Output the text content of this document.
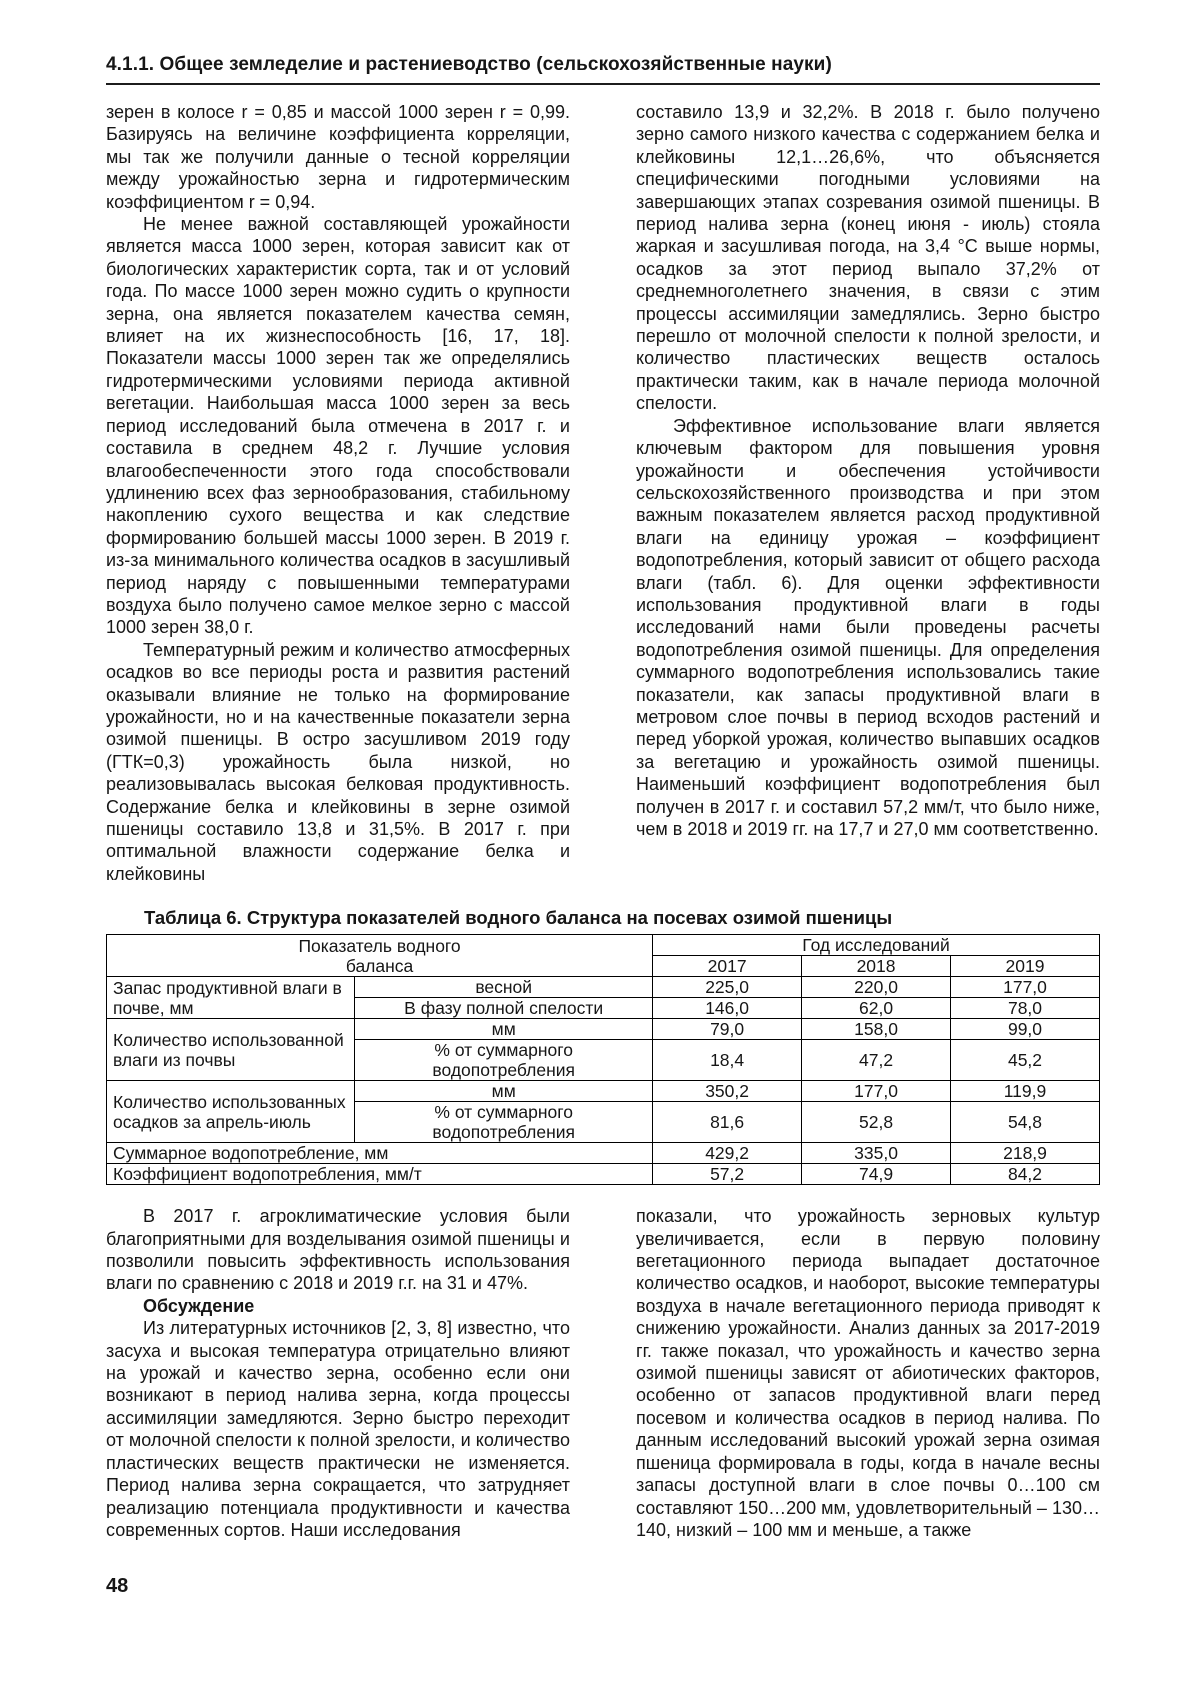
4.1.1. Общее земледелие и растениеводство (сельскохозяйственные науки)

зерен в колосе r = 0,85 и массой 1000 зерен r = 0,99. Базируясь на величине коэффициента корреляции, мы так же получили данные о тесной корреляции между урожайностью зерна и гидротермическим коэффициентом r = 0,94.

Не менее важной составляющей урожайности является масса 1000 зерен, которая зависит как от биологических характеристик сорта, так и от условий года. По массе 1000 зерен можно судить о крупности зерна, она является показателем качества семян, влияет на их жизнеспособность [16, 17, 18]. Показатели массы 1000 зерен так же определялись гидротермическими условиями периода активной вегетации. Наибольшая масса 1000 зерен за весь период исследований была отмечена в 2017 г. и составила в среднем 48,2 г. Лучшие условия влагообеспеченности этого года способствовали удлинению всех фаз зернообразования, стабильному накоплению сухого вещества и как следствие формированию большей массы 1000 зерен. В 2019 г. из-за минимального количества осадков в засушливый период наряду с повышенными температурами воздуха было получено самое мелкое зерно с массой 1000 зерен 38,0 г.

Температурный режим и количество атмосферных осадков во все периоды роста и развития растений оказывали влияние не только на формирование урожайности, но и на качественные показатели зерна озимой пшеницы. В остро засушливом 2019 году (ГТК=0,3) урожайность была низкой, но реализовывалась высокая белковая продуктивность. Содержание белка и клейковины в зерне озимой пшеницы составило 13,8 и 31,5%. В 2017 г. при оптимальной влажности содержание белка и клейковины

составило 13,9 и 32,2%. В 2018 г. было получено зерно самого низкого качества с содержанием белка и клейковины 12,1…26,6%, что объясняется специфическими погодными условиями на завершающих этапах созревания озимой пшеницы. В период налива зерна (конец июня - июль) стояла жаркая и засушливая погода, на 3,4 °С выше нормы, осадков за этот период выпало 37,2% от среднемноголетнего значения, в связи с этим процессы ассимиляции замедлялись. Зерно быстро перешло от молочной спелости к полной зрелости, и количество пластических веществ осталось практически таким, как в начале периода молочной спелости.

Эффективное использование влаги является ключевым фактором для повышения уровня урожайности и обеспечения устойчивости сельскохозяйственного производства и при этом важным показателем является расход продуктивной влаги на единицу урожая – коэффициент водопотребления, который зависит от общего расхода влаги (табл. 6). Для оценки эффективности использования продуктивной влаги в годы исследований нами были проведены расчеты водопотребления озимой пшеницы. Для определения суммарного водопотребления использовались такие показатели, как запасы продуктивной влаги в метровом слое почвы в период всходов растений и перед уборкой урожая, количество выпавших осадков за вегетацию и урожайность озимой пшеницы. Наименьший коэффициент водопотребления был получен в 2017 г. и составил 57,2 мм/т, что было ниже, чем в 2018 и 2019 гг. на 17,7 и 27,0 мм соответственно.

Таблица 6. Структура показателей водного баланса на посевах озимой пшеницы
Показатель водного баланса		Год исследований		
		2017	2018	2019
Запас продуктивной влаги в почве, мм	весной	225,0	220,0	177,0
	В фазу полной спелости	146,0	62,0	78,0
Количество использованной влаги из почвы	мм	79,0	158,0	99,0
	% от суммарного водопотребления	18,4	47,2	45,2
Количество использованных осадков за апрель-июль	мм	350,2	177,0	119,9
	% от суммарного водопотребления	81,6	52,8	54,8
Суммарное водопотребление, мм		429,2	335,0	218,9
Коэффициент водопотребления, мм/т		57,2	74,9	84,2

В 2017 г. агроклиматические условия были благоприятными для возделывания озимой пшеницы и позволили повысить эффективность использования влаги по сравнению с 2018 и 2019 г.г. на 31 и 47%.

Обсуждение

Из литературных источников [2, 3, 8] известно, что засуха и высокая температура отрицательно влияют на урожай и качество зерна, особенно если они возникают в период налива зерна, когда процессы ассимиляции замедляются. Зерно быстро переходит от молочной спелости к полной зрелости, и количество пластических веществ практически не изменяется. Период налива зерна сокращается, что затрудняет реализацию потенциала продуктивности и качества современных сортов. Наши исследования

показали, что урожайность зерновых культур увеличивается, если в первую половину вегетационного периода выпадает достаточное количество осадков, и наоборот, высокие температуры воздуха в начале вегетационного периода приводят к снижению урожайности. Анализ данных за 2017-2019 гг. также показал, что урожайность и качество зерна озимой пшеницы зависят от абиотических факторов, особенно от запасов продуктивной влаги перед посевом и количества осадков в период налива. По данным исследований высокий урожай зерна озимая пшеница формировала в годы, когда в начале весны запасы доступной влаги в слое почвы 0…100 см составляют 150…200 мм, удовлетворительный – 130…140, низкий – 100 мм и меньше, а также

48
